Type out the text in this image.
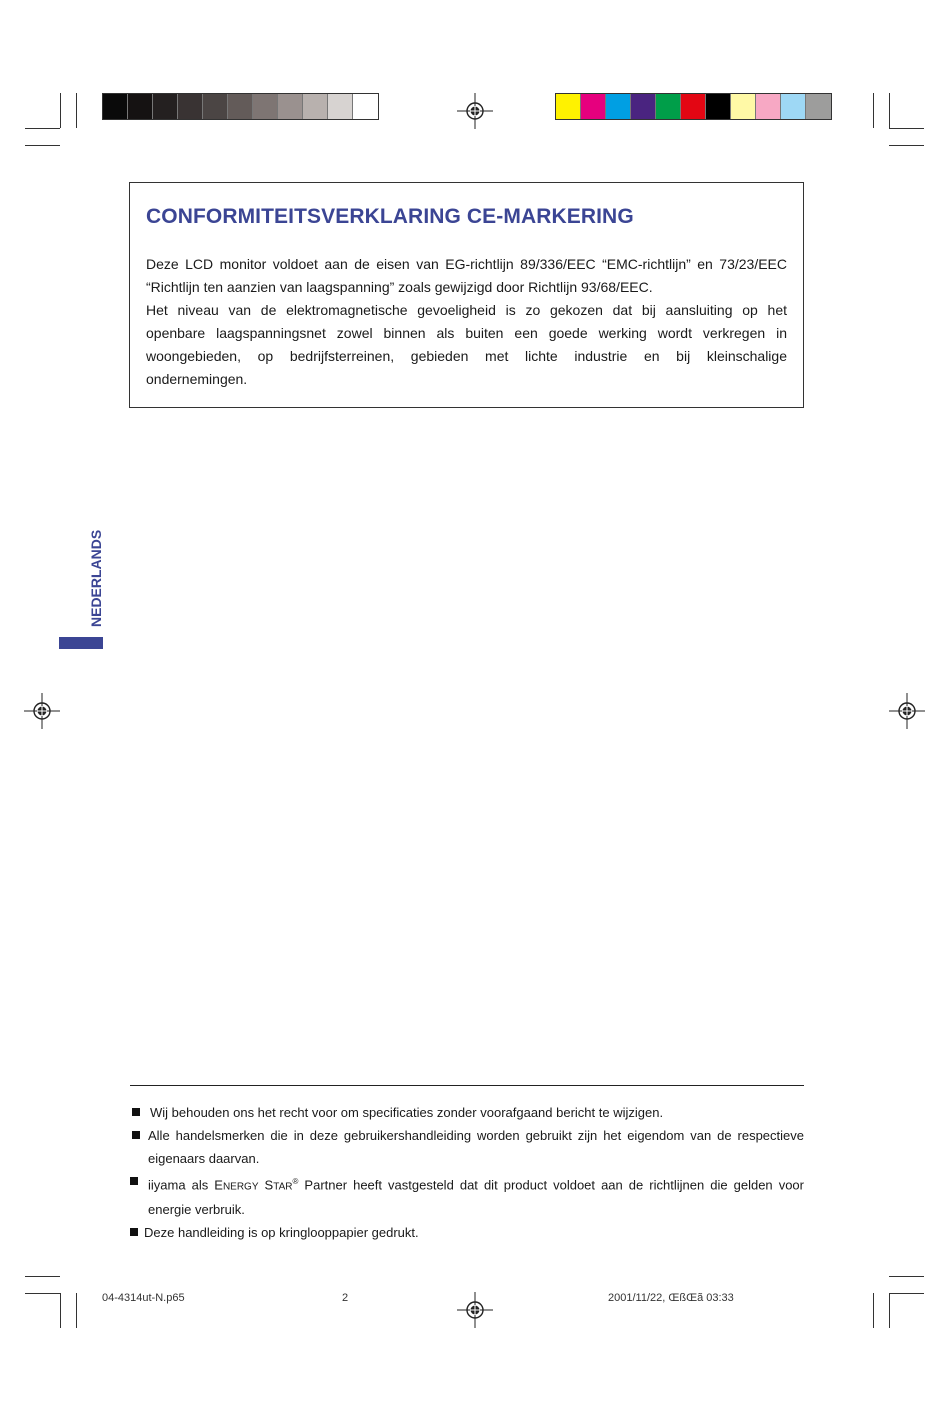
CONFORMITEITSVERKLARING CE-MARKERING
Deze LCD monitor voldoet aan de eisen van EG-richtlijn 89/336/EEC “EMC-richtlijn” en 73/23/EEC
“Richtlijn ten aanzien van laagspanning” zoals gewijzigd door Richtlijn 93/68/EEC.
Het niveau van de elektromagnetische gevoeligheid is zo gekozen dat bij aansluiting op het
openbare laagspanningsnet zowel binnen als buiten een goede werking wordt verkregen in
woongebieden, op bedrijfsterreinen, gebieden met lichte industrie en bij kleinschalige
ondernemingen.
NEDERLANDS
Wij behouden ons het recht voor om specificaties zonder voorafgaand bericht te wijzigen.
Alle handelsmerken die in deze gebruikershandleiding worden gebruikt zijn het eigendom van de respectieve
eigenaars daarvan.
iiyama als ENERGY STAR® Partner heeft vastgesteld dat dit product voldoet aan de richtlijnen die gelden voor
energie verbruik.
Deze handleiding is op kringlooppapier gedrukt.
04-4314ut-N.p65	2	2001/11/22, ŒßŒã 03:33
